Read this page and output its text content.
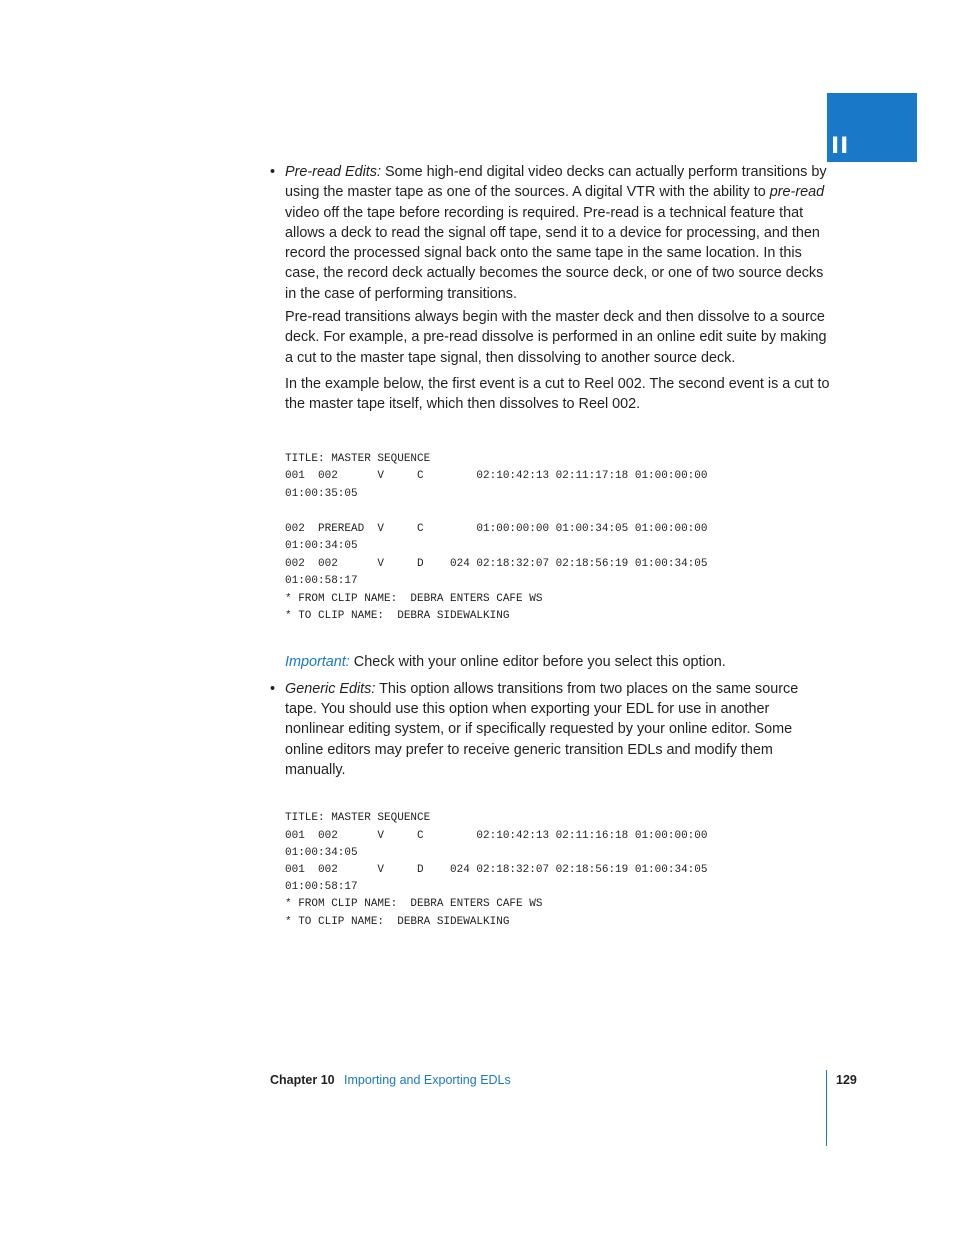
II

• Pre-read Edits: Some high-end digital video decks can actually perform transitions by using the master tape as one of the sources. A digital VTR with the ability to pre-read video off the tape before recording is required. Pre-read is a technical feature that allows a deck to read the signal off tape, send it to a device for processing, and then record the processed signal back onto the same tape in the same location. In this case, the record deck actually becomes the source deck, or one of two source decks in the case of performing transitions.

Pre-read transitions always begin with the master deck and then dissolve to a source deck. For example, a pre-read dissolve is performed in an online edit suite by making a cut to the master tape signal, then dissolving to another source deck.

In the example below, the first event is a cut to Reel 002. The second event is a cut to the master tape itself, which then dissolves to Reel 002.

TITLE: MASTER SEQUENCE
001  002      V     C        02:10:42:13 02:11:17:18 01:00:00:00
01:00:35:05

002  PREREAD  V     C        01:00:00:00 01:00:34:05 01:00:00:00
01:00:34:05
002  002      V     D    024 02:18:32:07 02:18:56:19 01:00:34:05
01:00:58:17
* FROM CLIP NAME:  DEBRA ENTERS CAFE WS
* TO CLIP NAME:  DEBRA SIDEWALKING

Important: Check with your online editor before you select this option.

• Generic Edits: This option allows transitions from two places on the same source tape. You should use this option when exporting your EDL for use in another nonlinear editing system, or if specifically requested by your online editor. Some online editors may prefer to receive generic transition EDLs and modify them manually.

TITLE: MASTER SEQUENCE
001  002      V     C        02:10:42:13 02:11:16:18 01:00:00:00
01:00:34:05
001  002      V     D    024 02:18:32:07 02:18:56:19 01:00:34:05
01:00:58:17
* FROM CLIP NAME:  DEBRA ENTERS CAFE WS
* TO CLIP NAME:  DEBRA SIDEWALKING
Chapter 10 Importing and Exporting EDLs	129
